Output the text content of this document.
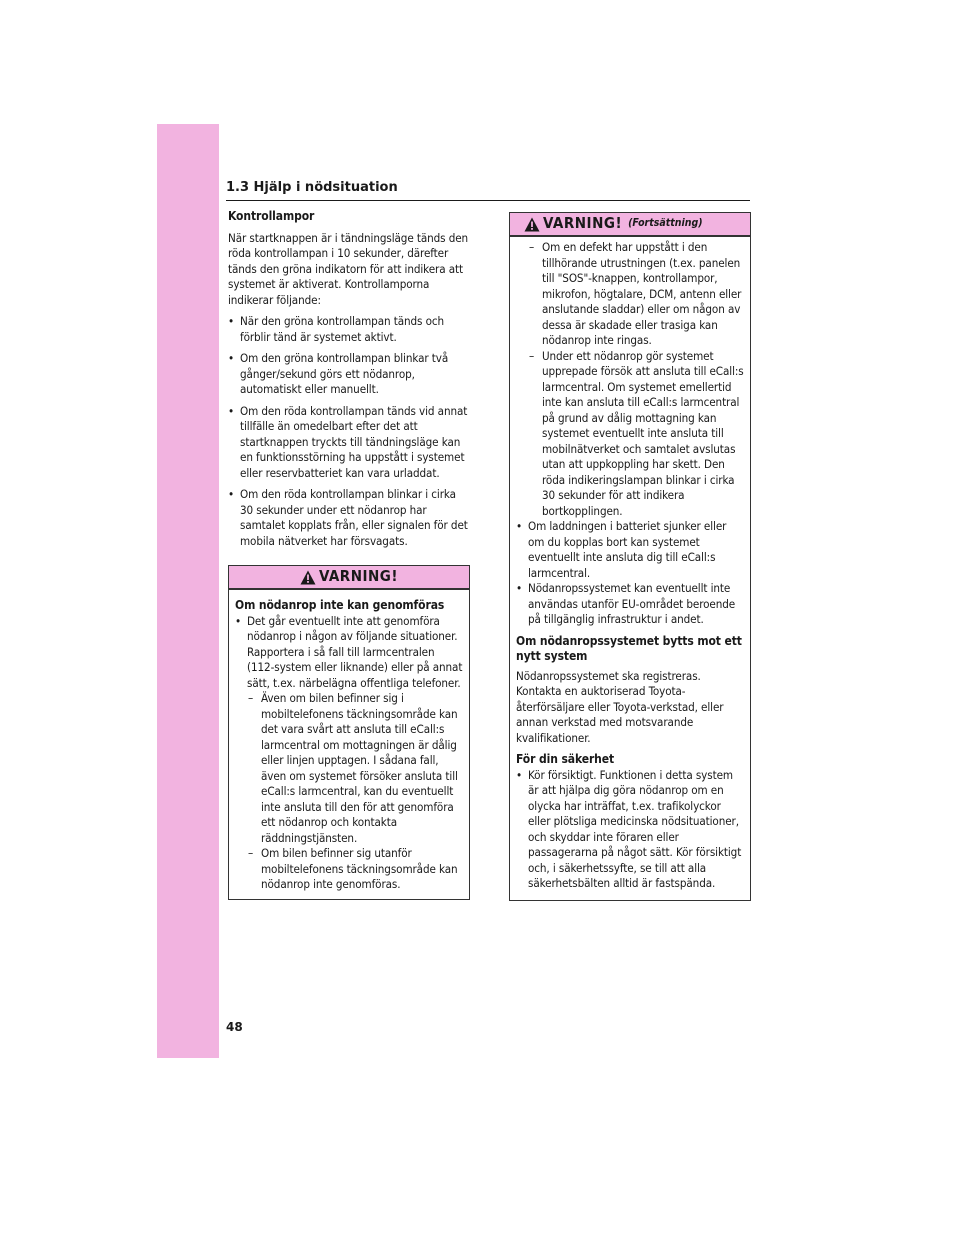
1.3 Hjälp i nödsituation

Kontrollampor

När startknappen är i tändningsläge tänds den röda kontrollampan i 10 sekunder, därefter tänds den gröna indikatorn för att indikera att systemet är aktiverat. Kontrollamporna indikerar följande:

• När den gröna kontrollampan tänds och förblir tänd är systemet aktivt.
• Om den gröna kontrollampan blinkar två gånger/sekund görs ett nödanrop, automatiskt eller manuellt.
• Om den röda kontrollampan tänds vid annat tillfälle än omedelbart efter det att startknappen tryckts till tändningsläge kan en funktionsstörning ha uppstått i systemet eller reservbatteriet kan vara urladdat.
• Om den röda kontrollampan blinkar i cirka 30 sekunder under ett nödanrop har samtalet kopplats från, eller signalen för det mobila nätverket har försvagats.
VARNING!

Om nödanrop inte kan genomföras

• Det går eventuellt inte att genomföra nödanrop i någon av följande situationer. Rapportera i så fall till larmcentralen (112-system eller liknande) eller på annat sätt, t.ex. närbelägna offentliga telefoner.
– Även om bilen befinner sig i mobiltelefonens täckningsområde kan det vara svårt att ansluta till eCall:s larmcentral om mottagningen är dålig eller linjen upptagen. I sådana fall, även om systemet försöker ansluta till eCall:s larmcentral, kan du eventuellt inte ansluta till den för att genomföra ett nödanrop och kontakta räddningstjänsten.
– Om bilen befinner sig utanför mobiltelefonens täckningsområde kan nödanrop inte genomföras.
VARNING! (Fortsättning)
– Om en defekt har uppstått i den tillhörande utrustningen (t.ex. panelen till "SOS"-knappen, kontrollampor, mikrofon, högtalare, DCM, antenn eller anslutande sladdar) eller om någon av dessa är skadade eller trasiga kan nödanrop inte ringas.
– Under ett nödanrop gör systemet upprepade försök att ansluta till eCall:s larmcentral. Om systemet emellertid inte kan ansluta till eCall:s larmcentral på grund av dålig mottagning kan systemet eventuellt inte ansluta till mobilnätverket och samtalet avslutas utan att uppkoppling har skett. Den röda indikeringslampan blinkar i cirka 30 sekunder för att indikera bortkopplingen.
• Om laddningen i batteriet sjunker eller om du kopplas bort kan systemet eventuellt inte ansluta dig till eCall:s larmcentral.
• Nödanropssystemet kan eventuellt inte användas utanför EU-området beroende på tillgänglig infrastruktur i andet.

Om nödanropssystemet bytts mot ett nytt system

Nödanropssystemet ska registreras. Kontakta en auktoriserad Toyota-återförsäljare eller Toyota-verkstad, eller annan verkstad med motsvarande kvalifikationer.

För din säkerhet

• Kör försiktigt. Funktionen i detta system är att hjälpa dig göra nödanrop om en olycka har inträffat, t.ex. trafikolyckor eller plötsliga medicinska nödsituationer, och skyddar inte föraren eller passagerarna på något sätt. Kör försiktigt och, i säkerhetssyfte, se till att alla säkerhetsbälten alltid är fastspända.
48
